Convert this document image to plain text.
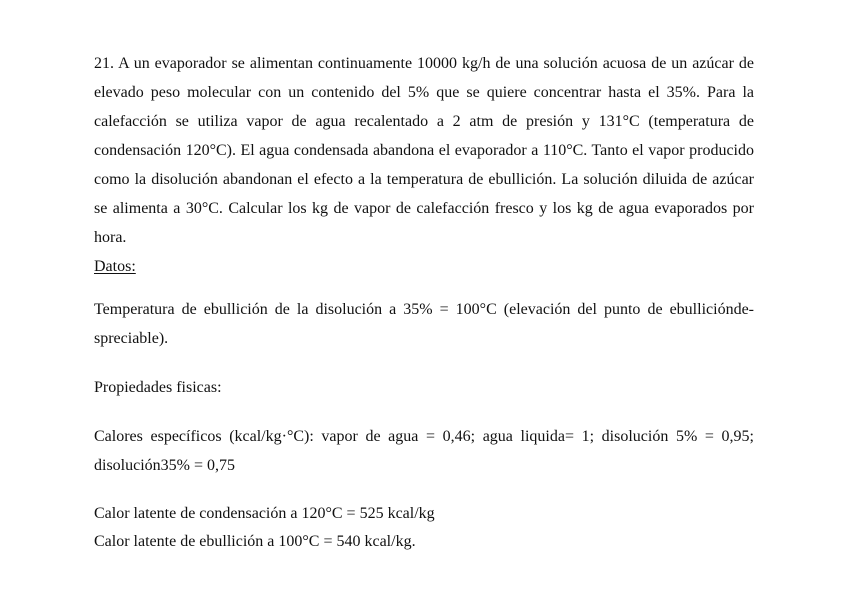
21. A un evaporador se alimentan continuamente 10000 kg/h de una solución acuosa de un azúcar de elevado peso molecular con un contenido del 5% que se quiere concentrar hasta el 35%. Para la calefacción se utiliza vapor de agua recalentado a 2 atm de presión y 131°C (temperatura de condensación 120°C). El agua condensada abandona el evaporador a 110°C. Tanto el vapor producido como la disolución abandonan el efecto a la temperatura de ebullición. La solución diluida de azúcar se alimenta a 30°C. Calcular los kg de vapor de calefacción fresco y los kg de agua evaporados por hora.

Datos:

Temperatura de ebullición de la disolución a 35% = 100°C (elevación del punto de ebullicióndespreciable).

Propiedades fisicas:

Calores específicos (kcal/kg·°C): vapor de agua = 0,46; agua liquida= 1; disolución 5% = 0,95; disolución35% = 0,75

Calor latente de condensación a 120°C = 525 kcal/kg

Calor latente de ebullición a 100°C = 540 kcal/kg.
